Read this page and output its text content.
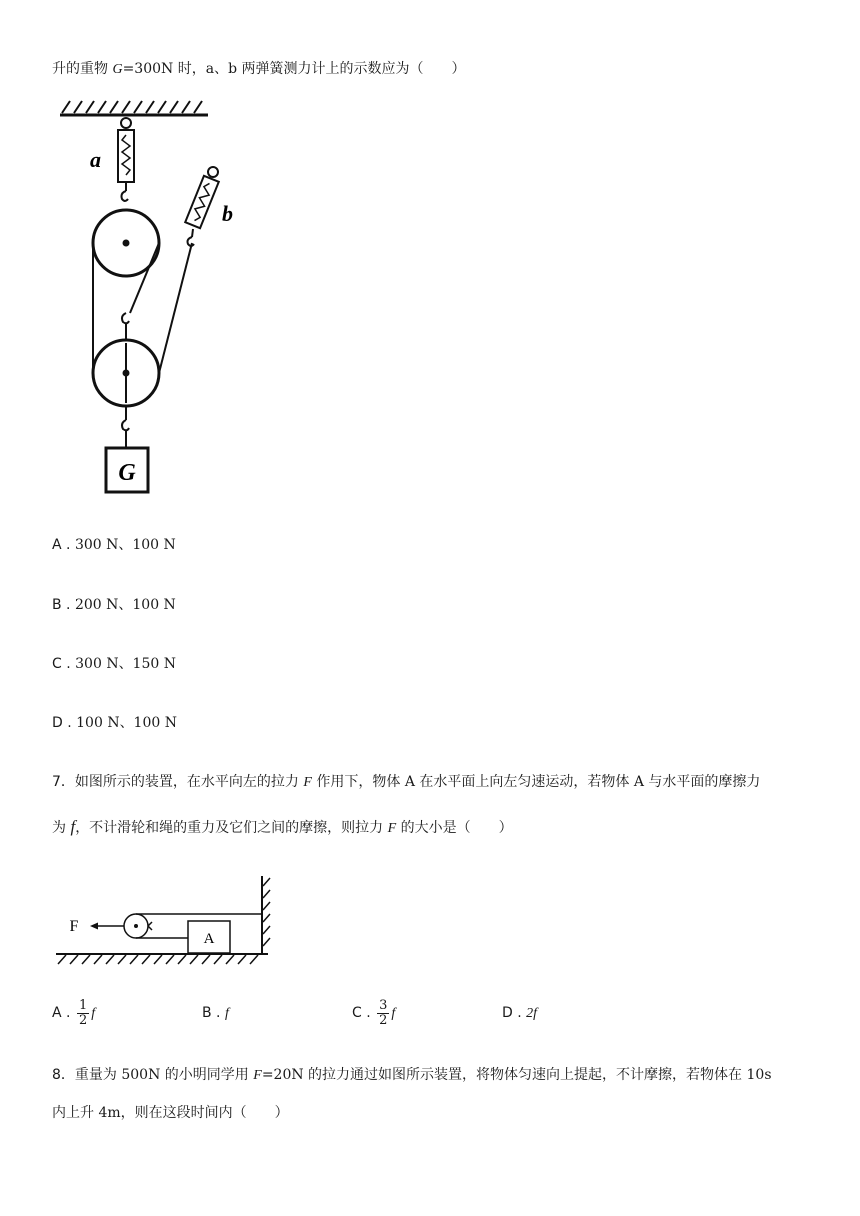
升的重物 G=300N 时，a、b 两弹簧测力计上的示数应为（　　）
a
b
G
A . 300 N、100 N
B . 200 N、100 N
C . 300 N、150 N
D . 100 N、100 N
7．如图所示的装置，在水平向左的拉力 F 作用下，物体 A 在水平面上向左匀速运动，若物体 A 与水平面的摩擦力
为 f，不计滑轮和绳的重力及它们之间的摩擦，则拉力 F 的大小是（　　）
A
F
A . $\frac{1}{2}$ f	B . f	C . $\frac{3}{2}$ f	D . 2f
8．重量为 500N 的小明同学用 F=20N 的拉力通过如图所示装置，将物体匀速向上提起，不计摩擦，若物体在 10s
内上升 4m，则在这段时间内（　　）
